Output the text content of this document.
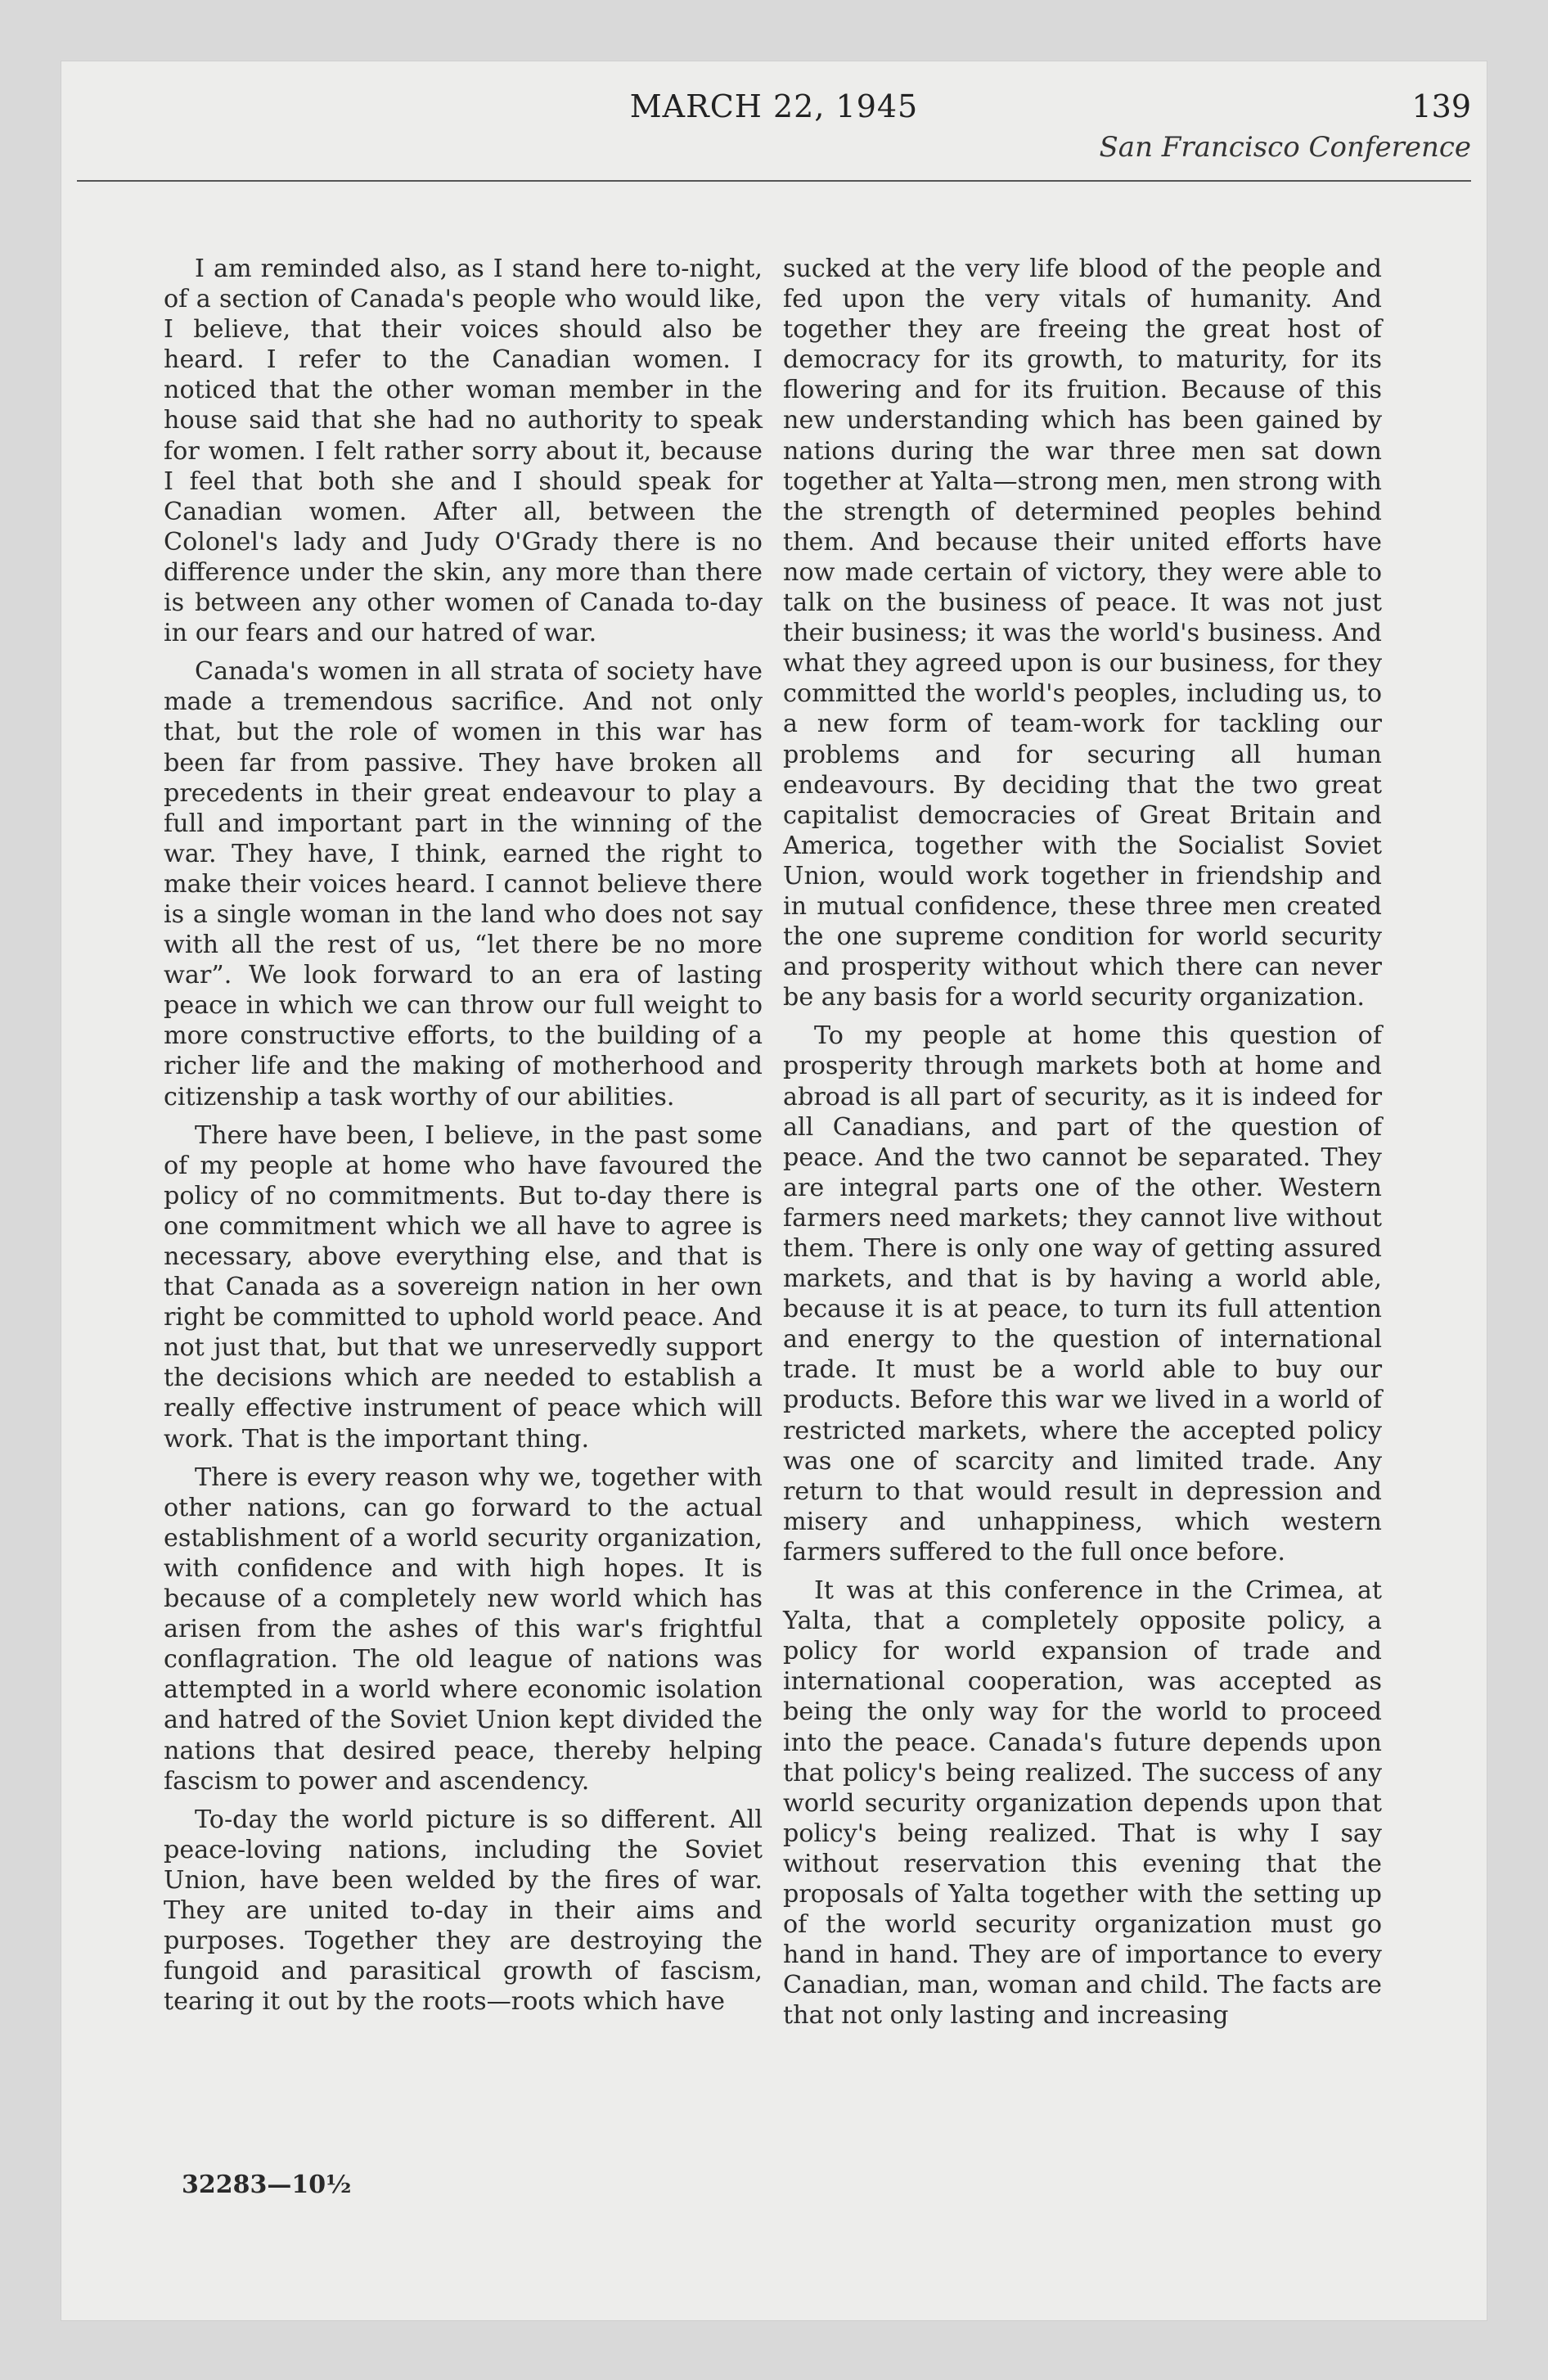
MARCH 22, 1945	139
San Francisco Conference

I am reminded also, as I stand here to-night, of a section of Canada's people who would like, I believe, that their voices should also be heard. I refer to the Canadian women. I noticed that the other woman member in the house said that she had no authority to speak for women. I felt rather sorry about it, because I feel that both she and I should speak for Canadian women. After all, between the Colonel's lady and Judy O'Grady there is no difference under the skin, any more than there is between any other women of Canada to-day in our fears and our hatred of war.

Canada's women in all strata of society have made a tremendous sacrifice. And not only that, but the role of women in this war has been far from passive. They have broken all precedents in their great endeavour to play a full and important part in the winning of the war. They have, I think, earned the right to make their voices heard. I cannot believe there is a single woman in the land who does not say with all the rest of us, “let there be no more war”. We look forward to an era of lasting peace in which we can throw our full weight to more constructive efforts, to the building of a richer life and the making of motherhood and citizenship a task worthy of our abilities.

There have been, I believe, in the past some of my people at home who have favoured the policy of no commitments. But to-day there is one commitment which we all have to agree is necessary, above everything else, and that is that Canada as a sovereign nation in her own right be committed to uphold world peace. And not just that, but that we unreservedly support the decisions which are needed to establish a really effective instrument of peace which will work. That is the important thing.

There is every reason why we, together with other nations, can go forward to the actual establishment of a world security organization, with confidence and with high hopes. It is because of a completely new world which has arisen from the ashes of this war's frightful conflagration. The old league of nations was attempted in a world where economic isolation and hatred of the Soviet Union kept divided the nations that desired peace, thereby helping fascism to power and ascendency.

To-day the world picture is so different. All peace-loving nations, including the Soviet Union, have been welded by the fires of war. They are united to-day in their aims and purposes. Together they are destroying the fungoid and parasitical growth of fascism, tearing it out by the roots—roots which have

sucked at the very life blood of the people and fed upon the very vitals of humanity. And together they are freeing the great host of democracy for its growth, to maturity, for its flowering and for its fruition. Because of this new understanding which has been gained by nations during the war three men sat down together at Yalta—strong men, men strong with the strength of determined peoples behind them. And because their united efforts have now made certain of victory, they were able to talk on the business of peace. It was not just their business; it was the world's business. And what they agreed upon is our business, for they committed the world's peoples, including us, to a new form of team-work for tackling our problems and for securing all human endeavours. By deciding that the two great capitalist democracies of Great Britain and America, together with the Socialist Soviet Union, would work together in friendship and in mutual confidence, these three men created the one supreme condition for world security and prosperity without which there can never be any basis for a world security organization.

To my people at home this question of prosperity through markets both at home and abroad is all part of security, as it is indeed for all Canadians, and part of the question of peace. And the two cannot be separated. They are integral parts one of the other. Western farmers need markets; they cannot live without them. There is only one way of getting assured markets, and that is by having a world able, because it is at peace, to turn its full attention and energy to the question of international trade. It must be a world able to buy our products. Before this war we lived in a world of restricted markets, where the accepted policy was one of scarcity and limited trade. Any return to that would result in depression and misery and unhappiness, which western farmers suffered to the full once before.

It was at this conference in the Crimea, at Yalta, that a completely opposite policy, a policy for world expansion of trade and international cooperation, was accepted as being the only way for the world to proceed into the peace. Canada's future depends upon that policy's being realized. The success of any world security organization depends upon that policy's being realized. That is why I say without reservation this evening that the proposals of Yalta together with the setting up of the world security organization must go hand in hand. They are of importance to every Canadian, man, woman and child. The facts are that not only lasting and increasing

32283—10½
